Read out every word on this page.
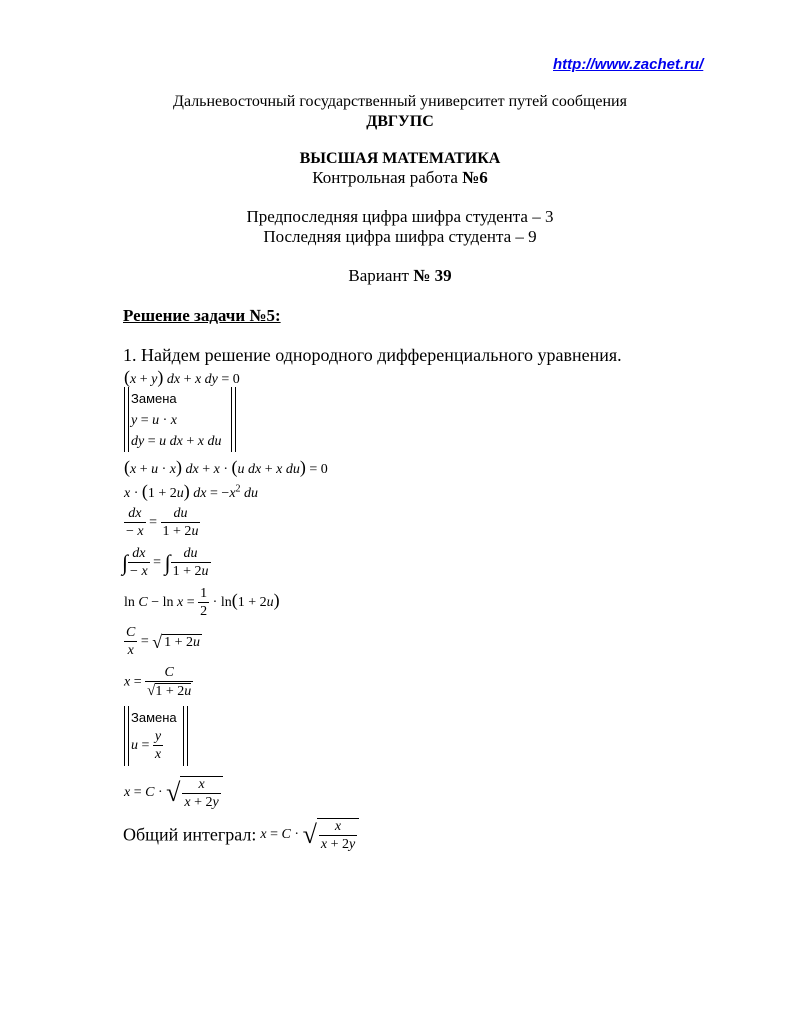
http://www.zachet.ru/
Дальневосточный государственный университет путей сообщения
ДВГУПС
ВЫСШАЯ МАТЕМАТИКА
Контрольная работа №6
Предпоследняя цифра шифра студента – 3
Последняя цифра шифра студента – 9
Вариант № 39
Решение задачи №5:
1. Найдем решение однородного дифференциального уравнения.
(x + y) dx + x dy = 0
Замена
y = u · x
dy = u dx + x du
(x + u · x) dx + x · (u dx + x du) = 0
x · (1 + 2u) dx = $-x^2$ du
$\frac{dx}{- x} = \frac{du}{1 + 2u}$
∫ $\frac{dx}{- x}$ = ∫ $\frac{du}{1 + 2u}$
$\ln C - \ln x = \frac{1}{2} \cdot \ln(1 + 2u)$
$\frac{C}{x}$ = √ 1 + 2u
$x = \frac{C}{√1 + 2u}$
Замена
$u = \frac{y}{x}$
x = C · √ $\frac{x}{x + 2y}$
Общий интеграл: x = C · √ $\frac{x}{x + 2y}$
